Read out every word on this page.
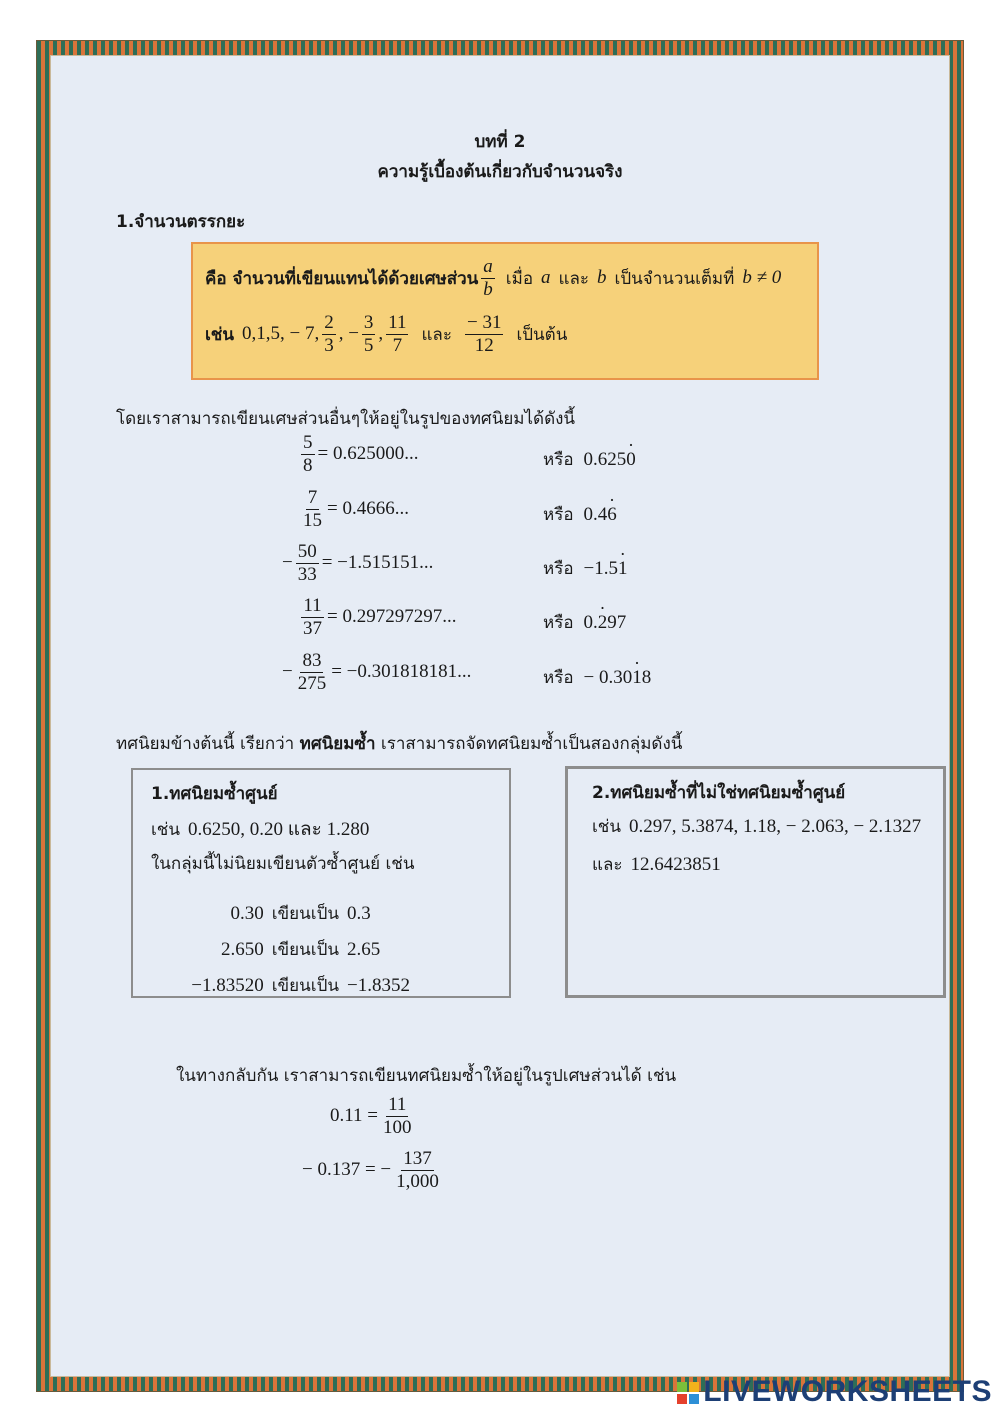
บทที่ 2
ความรู้เบื้องต้นเกี่ยวกับจำนวนจริง
1.จำนวนตรรกยะ
คือ จำนวนที่เขียนแทนได้ด้วยเศษส่วน $\frac{a}{b}$ เมื่อ a และ b เป็นจำนวนเต็มที่ b ≠ 0
เช่น 0,1,5, − 7, $\frac{2}{3}$ , − $\frac{3}{5}$ , $\frac{11}{7}$ และ $\frac{- 31}{12}$ เป็นต้น
โดยเราสามารถเขียนเศษส่วนอื่นๆให้อยู่ในรูปของทศนิยมได้ดังนี้
$\frac{5}{8} = 0.625000$...	หรือ 0.625 0 ·
$\frac{7}{15} = 0.4666$...	หรือ 0.4 6 ·
− $\frac{50}{33} = -1.515151$...	หรือ −1.5 1 ·
$\frac{11}{37} = 0.297297297$...	หรือ 0. 2 · 97
− $\frac{83}{275} = -0.301818181$...	หรือ − 0.30 1 · 8
ทศนิยมข้างต้นนี้ เรียกว่า ทศนิยมซ้ำ เราสามารถจัดทศนิยมซ้ำเป็นสองกลุ่มดังนี้
1.ทศนิยมซ้ำศูนย์
เช่น 0.6250, 0.20 และ 1.280
ในกลุ่มนี้ไม่นิยมเขียนตัวซ้ำศูนย์ เช่น
0.30 เขียนเป็น 0.3
2.650 เขียนเป็น 2.65
−1.83520 เขียนเป็น −1.8352
2.ทศนิยมซ้ำที่ไม่ใช่ทศนิยมซ้ำศูนย์
เช่น 0.297, 5.3874, 1.18, − 2.063, − 2.1327
และ 12.6423851
ในทางกลับกัน เราสามารถเขียนทศนิยมซ้ำให้อยู่ในรูปเศษส่วนได้ เช่น
$0.11 = \frac{11}{100}$
− 0.137 = − $\frac{137}{1,000}$
LIVEWORKSHEETS
